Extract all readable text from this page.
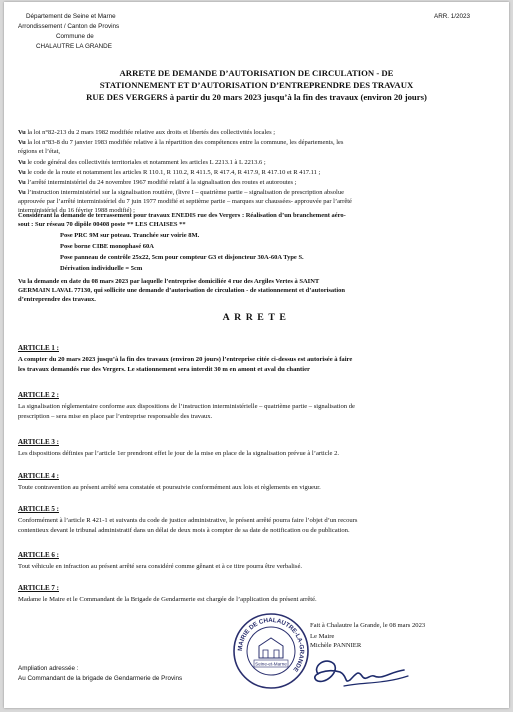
Département de Seine et Marne
Arrondissement / Canton de Provins
Commune de
CHALAUTRE LA GRANDE
ARR. 1/2023
ARRETE DE DEMANDE D’AUTORISATION DE CIRCULATION - DE
STATIONNEMENT ET D’AUTORISATION D’ENTREPRENDRE DES TRAVAUX
RUE DES VERGERS à partir du 20 mars 2023 jusqu’à la fin des travaux (environ 20 jours)
Vu la loi n°82-213 du 2 mars 1982 modifiée relative aux droits et libertés des collectivités locales ;
Vu la loi n°83-8 du 7 janvier 1983 modifiée relative à la répartition des compétences entre la commune, les départements, les
régions et l’état,
Vu le code général des collectivités territoriales et notamment les articles L 2213.1 à L 2213.6 ;
Vu le code de la route et notamment les articles R 110.1, R 110.2, R 411.5, R 417.4, R 417.9, R 417.10 et R 417.11 ;
Vu l’arrêté interministériel du 24 novembre 1967 modifié relatif à la signalisation des routes et autoroutes ;
Vu l’instruction interministériel sur la signalisation routière, (livre I – quatrième partie – signalisation de prescription absolue
approuvée par l’arrêté interministériel du 7 juin 1977 modifié et septième partie – marques sur chaussées- approuvée par l’arrêté
interministériel du 16 février 1988 modifié) ;
Considérant la demande de terrassement pour travaux ENEDIS rue des Vergers : Réalisation d’un branchement aéro-
sout : Sur réseau 70 dipôle 00408 poste ** LES CHAISES **
Pose PRC 9M sur poteau. Tranchée sur voirie 8M.
Pose borne CIBE monophasé 60A
Pose panneau de contrôle 25x22, 5cm pour compteur G3 et disjoncteur 30A-60A Type S.
Dérivation individuelle = 5cm
Vu la demande en date du 08 mars 2023 par laquelle l’entreprise domiciliée 4 rue des Argiles Vertes à SAINT
GERMAIN LAVAL 77130, qui sollicite une demande d’autorisation de circulation - de stationnement et d’autorisation
d’entreprendre des travaux.
ARRETE
ARTICLE 1 :
A compter du 20 mars 2023 jusqu’à la fin des travaux (environ 20 jours) l’entreprise citée ci-dessus est autorisée à faire
les travaux demandés rue des Vergers. Le stationnement sera interdit 30 m en amont et aval du chantier
ARTICLE 2 :
La signalisation réglementaire conforme aux dispositions de l’instruction interministérielle – quatrième partie – signalisation de
prescription – sera mise en place par l’entreprise responsable des travaux.
ARTICLE 3 :
Les dispositions définies par l’article 1er prendront effet le jour de la mise en place de la signalisation prévue à l’article 2.
ARTICLE 4 :
Toute contravention au présent arrêté sera constatée et poursuivie conformément aux lois et règlements en vigueur.
ARTICLE 5 :
Conformément à l’article R 421-1 et suivants du code de justice administrative, le présent arrêté pourra faire l’objet d’un recours
contentieux devant le tribunal administratif dans un délai de deux mois à compter de sa date de notification ou de publication.
ARTICLE 6 :
Tout véhicule en infraction au présent arrêté sera considéré comme gênant et à ce titre pourra être verbalisé.
ARTICLE 7 :
Madame le Maire et le Commandant de la Brigade de Gendarmerie est chargée de l’application du présent arrêté.
MAIRIE DE CHALAUTRE-LA-GRANDE
Seine-et-Marne
Fait à Chalautre la Grande, le 08 mars 2023
Le Maire
Michèle PANNIER
Ampliation adressée :
Au Commandant de la brigade de Gendarmerie de Provins
